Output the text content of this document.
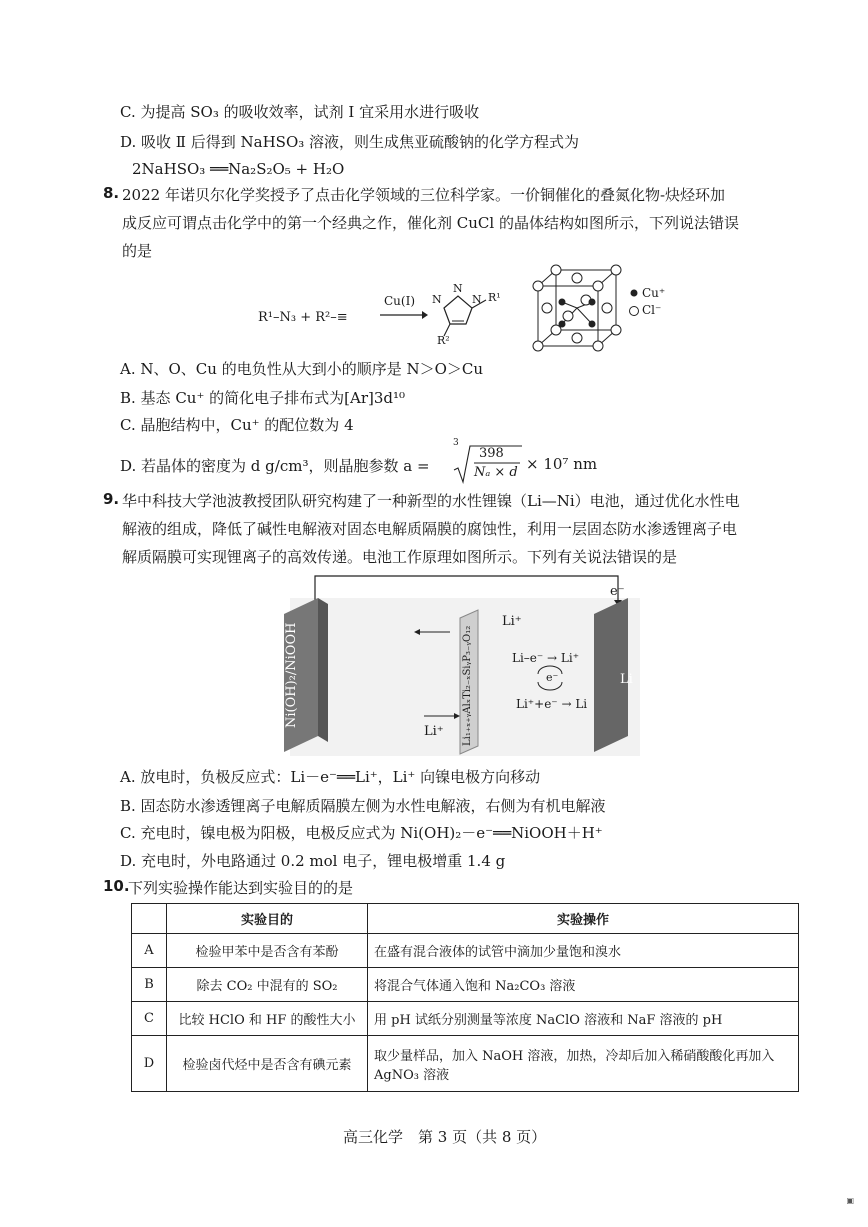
C. 为提高 SO₃ 的吸收效率，试剂 Ⅰ 宜采用水进行吸收
D. 吸收 Ⅱ 后得到 NaHSO₃ 溶液，则生成焦亚硫酸钠的化学方程式为
2NaHSO₃ ══Na₂S₂O₅ + H₂O
8. 2022 年诺贝尔化学奖授予了点击化学领域的三位科学家。一价铜催化的叠氮化物-炔烃环加
成反应可谓点击化学中的第一个经典之作，催化剂 CuCl 的晶体结构如图所示，下列说法错误
的是
R¹–N₃ + R²–≡
Cu(I) N
N
N R¹
R²
Cu⁺
Cl⁻
A. N、O、Cu 的电负性从大到小的顺序是 N＞O＞Cu
B. 基态 Cu⁺ 的简化电子排布式为[Ar]3d¹⁰
C. 晶胞结构中，Cu⁺ 的配位数为 4
D. 若晶体的密度为 d g/cm³，则晶胞参数 a =
3
398
Nₐ × d × 10⁷ nm
9. 华中科技大学池波教授团队研究构建了一种新型的水性锂镍（Li—Ni）电池，通过优化水性电
解液的组成，降低了碱性电解液对固态电解质隔膜的腐蚀性，利用一层固态防水渗透锂离子电
解质隔膜可实现锂离子的高效传递。电池工作原理如图所示。下列有关说法错误的是
Ni(OH)₂/NiOOH	Li₁₊ₓ₊ᵧAlₓTi₂₋ₓSiᵧP₃₋ᵧO₁₂	Li
e⁻
Li⁺
Li⁺
Li–e⁻ → Li⁺
e⁻
Li⁺+e⁻ → Li
A. 放电时，负极反应式：Li－e⁻══Li⁺，Li⁺ 向镍电极方向移动
B. 固态防水渗透锂离子电解质隔膜左侧为水性电解液，右侧为有机电解液
C. 充电时，镍电极为阳极，电极反应式为 Ni(OH)₂－e⁻══NiOOH＋H⁺
D. 充电时，外电路通过 0.2 mol 电子，锂电极增重 1.4 g
10.
下列实验操作能达到实验目的的是
	实验目的	实验操作
A	检验甲苯中是否含有苯酚	在盛有混合液体的试管中滴加少量饱和溴水
B	除去 CO₂ 中混有的 SO₂	将混合气体通入饱和 Na₂CO₃ 溶液
C	比较 HClO 和 HF 的酸性大小	用 pH 试纸分别测量等浓度 NaClO 溶液和 NaF 溶液的 pH
D	检验卤代烃中是否含有碘元素	取少量样品，加入 NaOH 溶液，加热，冷却后加入稀硝酸酸化再加入 AgNO₃ 溶液
高三化学　第 3 页（共 8 页）
▣
